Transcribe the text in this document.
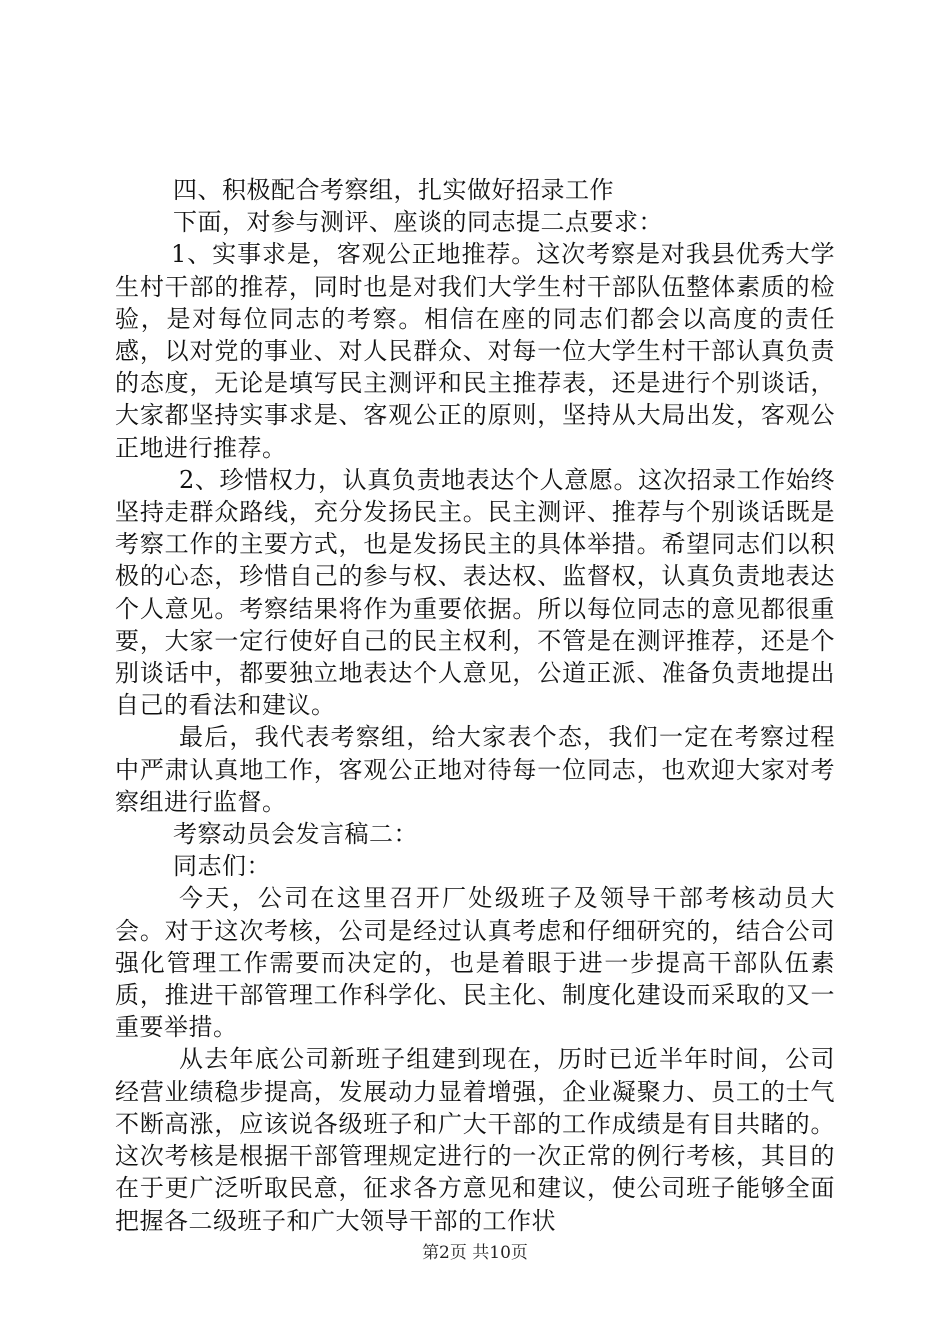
四、积极配合考察组，扎实做好招录工作

下面，对参与测评、座谈的同志提二点要求：

1、实事求是，客观公正地推荐。这次考察是对我县优秀大学生村干部的推荐，同时也是对我们大学生村干部队伍整体素质的检验，是对每位同志的考察。相信在座的同志们都会以高度的责任感，以对党的事业、对人民群众、对每一位大学生村干部认真负责的态度，无论是填写民主测评和民主推荐表，还是进行个别谈话，大家都坚持实事求是、客观公正的原则，坚持从大局出发，客观公正地进行推荐。

2、珍惜权力，认真负责地表达个人意愿。这次招录工作始终坚持走群众路线，充分发扬民主。民主测评、推荐与个别谈话既是考察工作的主要方式，也是发扬民主的具体举措。希望同志们以积极的心态，珍惜自己的参与权、表达权、监督权，认真负责地表达个人意见。考察结果将作为重要依据。所以每位同志的意见都很重要，大家一定行使好自己的民主权利，不管是在测评推荐，还是个别谈话中，都要独立地表达个人意见，公道正派、准备负责地提出自己的看法和建议。

最后，我代表考察组，给大家表个态，我们一定在考察过程中严肃认真地工作，客观公正地对待每一位同志，也欢迎大家对考察组进行监督。

考察动员会发言稿二：

同志们：

今天，公司在这里召开厂处级班子及领导干部考核动员大会。对于这次考核，公司是经过认真考虑和仔细研究的，结合公司强化管理工作需要而决定的，也是着眼于进一步提高干部队伍素质，推进干部管理工作科学化、民主化、制度化建设而采取的又一重要举措。

从去年底公司新班子组建到现在，历时已近半年时间，公司经营业绩稳步提高，发展动力显着增强，企业凝聚力、员工的士气不断高涨，应该说各级班子和广大干部的工作成绩是有目共睹的。这次考核是根据干部管理规定进行的一次正常的例行考核，其目的在于更广泛听取民意，征求各方意见和建议，使公司班子能够全面把握各二级班子和广大领导干部的工作状

第2页 共10页
